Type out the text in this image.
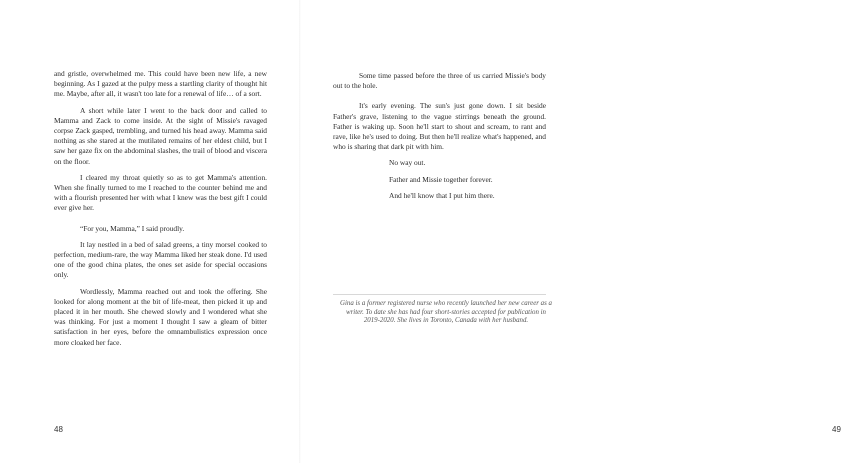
and gristle, overwhelmed me. This could have been new life, a new beginning. As I gazed at the pulpy mess a startling clarity of thought hit me. Maybe, after all, it wasn't too late for a renewal of life… of a sort.

A short while later I went to the back door and called to Mamma and Zack to come inside. At the sight of Missie's ravaged corpse Zack gasped, trembling, and turned his head away. Mamma said nothing as she stared at the mutilated remains of her eldest child, but I saw her gaze fix on the abdominal slashes, the trail of blood and viscera on the floor.

I cleared my throat quietly so as to get Mamma's attention. When she finally turned to me I reached to the counter behind me and with a flourish presented her with what I knew was the best gift I could ever give her.

“For you, Mamma,” I said proudly.

It lay nestled in a bed of salad greens, a tiny morsel cooked to perfection, medium-rare, the way Mamma liked her steak done. I'd used one of the good china plates, the ones set aside for special occasions only.

Wordlessly, Mamma reached out and took the offering. She looked for along moment at the bit of life-meat, then picked it up and placed it in her mouth. She chewed slowly and I wondered what she was thinking. For just a moment I thought I saw a gleam of bitter satisfaction in her eyes, before the omnambulistics expression once more cloaked her face.

48	49

Some time passed before the three of us carried Missie's body out to the hole.

It's early evening. The sun's just gone down. I sit beside Father's grave, listening to the vague stirrings beneath the ground. Father is waking up. Soon he'll start to shout and scream, to rant and rave, like he's used to doing. But then he'll realize what's happened, and who is sharing that dark pit with him.

No way out.

Father and Missie together forever.

And he'll know that I put him there.

Gina is a former registered nurse who recently launched her new career as a writer. To date she has had four short-stories accepted for publication in 2019-2020. She lives in Toronto, Canada with her husband.
